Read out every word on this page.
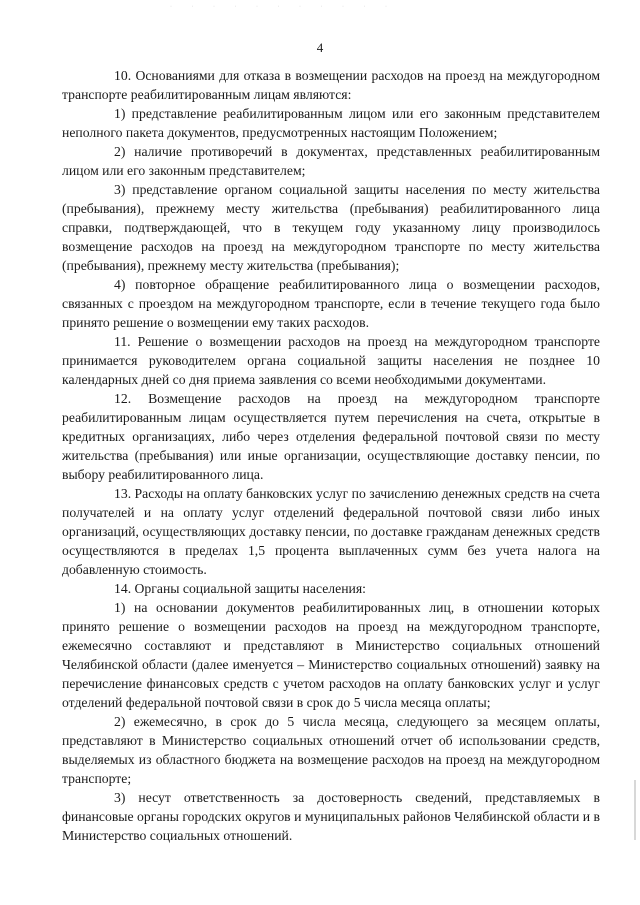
· · · · · · · · · · ·
4

10. Основаниями для отказа в возмещении расходов на проезд на междугородном транспорте реабилитированным лицам являются:

1) представление реабилитированным лицом или его законным представителем неполного пакета документов, предусмотренных настоящим Положением;

2) наличие противоречий в документах, представленных реабилитированным лицом или его законным представителем;

3) представление органом социальной защиты населения по месту жительства (пребывания), прежнему месту жительства (пребывания) реабилитированного лица справки, подтверждающей, что в текущем году указанному лицу производилось возмещение расходов на проезд на междугородном транспорте по месту жительства (пребывания), прежнему месту жительства (пребывания);

4) повторное обращение реабилитированного лица о возмещении расходов, связанных с проездом на междугородном транспорте, если в течение текущего года было принято решение о возмещении ему таких расходов.

11. Решение о возмещении расходов на проезд на междугородном транспорте принимается руководителем органа социальной защиты населения не позднее 10 календарных дней со дня приема заявления со всеми необходимыми документами.

12. Возмещение расходов на проезд на междугородном транспорте реабилитированным лицам осуществляется путем перечисления на счета, открытые в кредитных организациях, либо через отделения федеральной почтовой связи по месту жительства (пребывания) или иные организации, осуществляющие доставку пенсии, по выбору реабилитированного лица.

13. Расходы на оплату банковских услуг по зачислению денежных средств на счета получателей и на оплату услуг отделений федеральной почтовой связи либо иных организаций, осуществляющих доставку пенсии, по доставке гражданам денежных средств осуществляются в пределах 1,5 процента выплаченных сумм без учета налога на добавленную стоимость.

14. Органы социальной защиты населения:

1) на основании документов реабилитированных лиц, в отношении которых принято решение о возмещении расходов на проезд на междугородном транспорте, ежемесячно составляют и представляют в Министерство социальных отношений Челябинской области (далее именуется – Министерство социальных отношений) заявку на перечисление финансовых средств с учетом расходов на оплату банковских услуг и услуг отделений федеральной почтовой связи в срок до 5 числа месяца оплаты;

2) ежемесячно, в срок до 5 числа месяца, следующего за месяцем оплаты, представляют в Министерство социальных отношений отчет об использовании средств, выделяемых из областного бюджета на возмещение расходов на проезд на междугородном транспорте;

3) несут ответственность за достоверность сведений, представляемых в финансовые органы городских округов и муниципальных районов Челябинской области и в Министерство социальных отношений.
